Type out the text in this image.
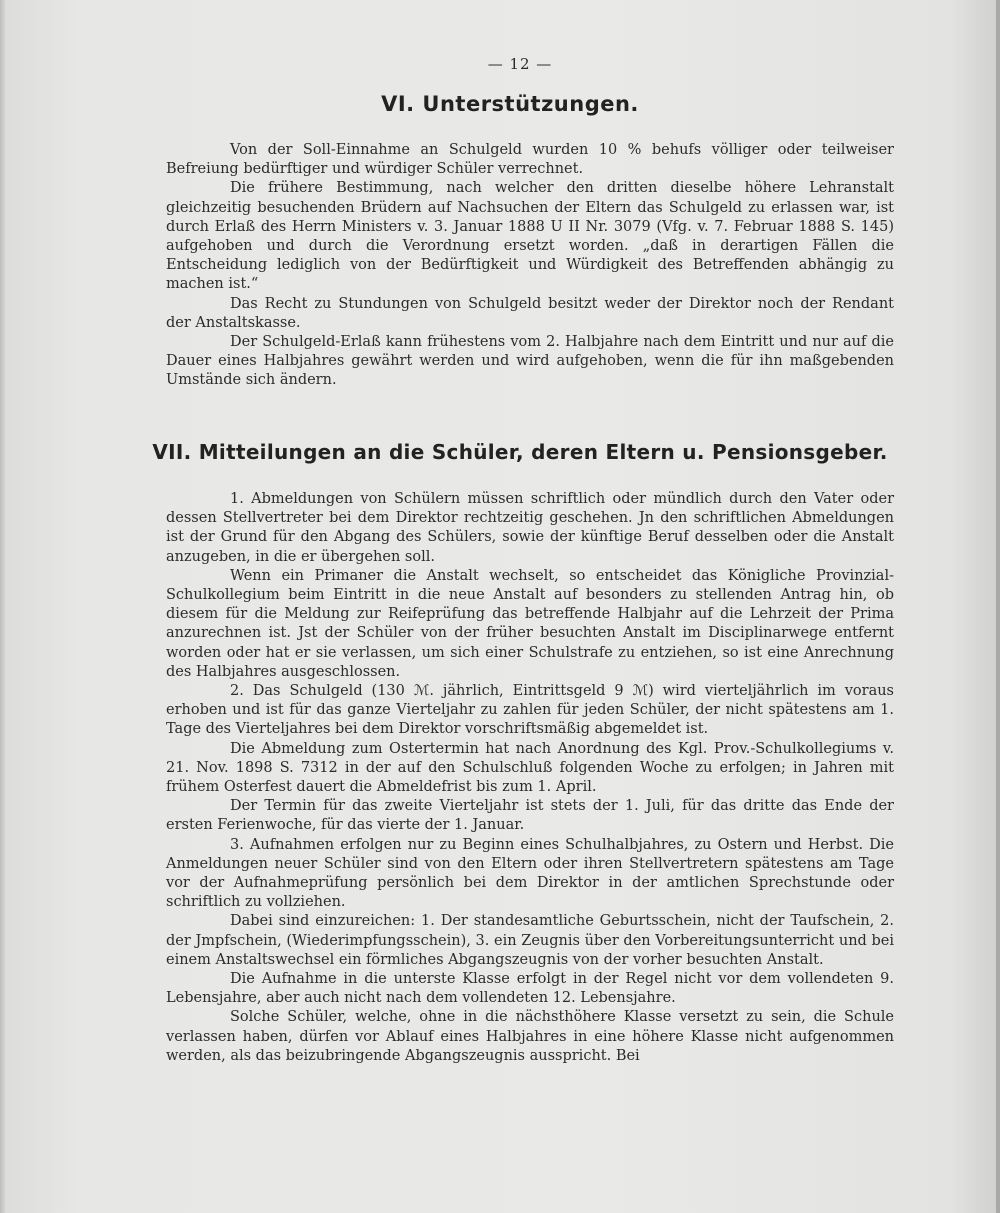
— 12 —
VI. Unterstützungen.

Von der Soll-Einnahme an Schulgeld wurden 10 % behufs völliger oder teilweiser Befreiung bedürftiger und würdiger Schüler verrechnet.

Die frühere Bestimmung, nach welcher den dritten dieselbe höhere Lehranstalt gleichzeitig besuchenden Brüdern auf Nachsuchen der Eltern das Schulgeld zu erlassen war, ist durch Erlaß des Herrn Ministers v. 3. Januar 1888 U II Nr. 3079 (Vfg. v. 7. Februar 1888 S. 145) aufgehoben und durch die Verordnung ersetzt worden. „daß in derartigen Fällen die Entscheidung lediglich von der Bedürftigkeit und Würdigkeit des Betreffenden abhängig zu machen ist.“

Das Recht zu Stundungen von Schulgeld besitzt weder der Direktor noch der Rendant der Anstaltskasse.

Der Schulgeld-Erlaß kann frühestens vom 2. Halbjahre nach dem Eintritt und nur auf die Dauer eines Halbjahres gewährt werden und wird aufgehoben, wenn die für ihn maßgebenden Umstände sich ändern.

VII. Mitteilungen an die Schüler, deren Eltern u. Pensionsgeber.

1. Abmeldungen von Schülern müssen schriftlich oder mündlich durch den Vater oder dessen Stellvertreter bei dem Direktor rechtzeitig geschehen. Jn den schriftlichen Abmeldungen ist der Grund für den Abgang des Schülers, sowie der künftige Beruf desselben oder die Anstalt anzugeben, in die er übergehen soll.

Wenn ein Primaner die Anstalt wechselt, so entscheidet das Königliche Provinzial-Schulkollegium beim Eintritt in die neue Anstalt auf besonders zu stellenden Antrag hin, ob diesem für die Meldung zur Reifeprüfung das betreffende Halbjahr auf die Lehrzeit der Prima anzurechnen ist. Jst der Schüler von der früher besuchten Anstalt im Disciplinarwege entfernt worden oder hat er sie verlassen, um sich einer Schulstrafe zu entziehen, so ist eine Anrechnung des Halbjahres ausgeschlossen.

2. Das Schulgeld (130 ℳ. jährlich, Eintrittsgeld 9 ℳ) wird vierteljährlich im voraus erhoben und ist für das ganze Vierteljahr zu zahlen für jeden Schüler, der nicht spätestens am 1. Tage des Vierteljahres bei dem Direktor vorschriftsmäßig abgemeldet ist.

Die Abmeldung zum Ostertermin hat nach Anordnung des Kgl. Prov.-Schulkollegiums v. 21. Nov. 1898 S. 7312 in der auf den Schulschluß folgenden Woche zu erfolgen; in Jahren mit frühem Osterfest dauert die Abmeldefrist bis zum 1. April.

Der Termin für das zweite Vierteljahr ist stets der 1. Juli, für das dritte das Ende der ersten Ferienwoche, für das vierte der 1. Januar.

3. Aufnahmen erfolgen nur zu Beginn eines Schulhalbjahres, zu Ostern und Herbst. Die Anmeldungen neuer Schüler sind von den Eltern oder ihren Stellvertretern spätestens am Tage vor der Aufnahmeprüfung persönlich bei dem Direktor in der amtlichen Sprechstunde oder schriftlich zu vollziehen.

Dabei sind einzureichen: 1. Der standesamtliche Geburtsschein, nicht der Taufschein, 2. der Jmpfschein, (Wiederimpfungsschein), 3. ein Zeugnis über den Vorbereitungsunterricht und bei einem Anstaltswechsel ein förmliches Abgangszeugnis von der vorher besuchten Anstalt.

Die Aufnahme in die unterste Klasse erfolgt in der Regel nicht vor dem vollendeten 9. Lebensjahre, aber auch nicht nach dem vollendeten 12. Lebensjahre.

Solche Schüler, welche, ohne in die nächsthöhere Klasse versetzt zu sein, die Schule verlassen haben, dürfen vor Ablauf eines Halbjahres in eine höhere Klasse nicht aufgenommen werden, als das beizubringende Abgangszeugnis ausspricht. Bei
